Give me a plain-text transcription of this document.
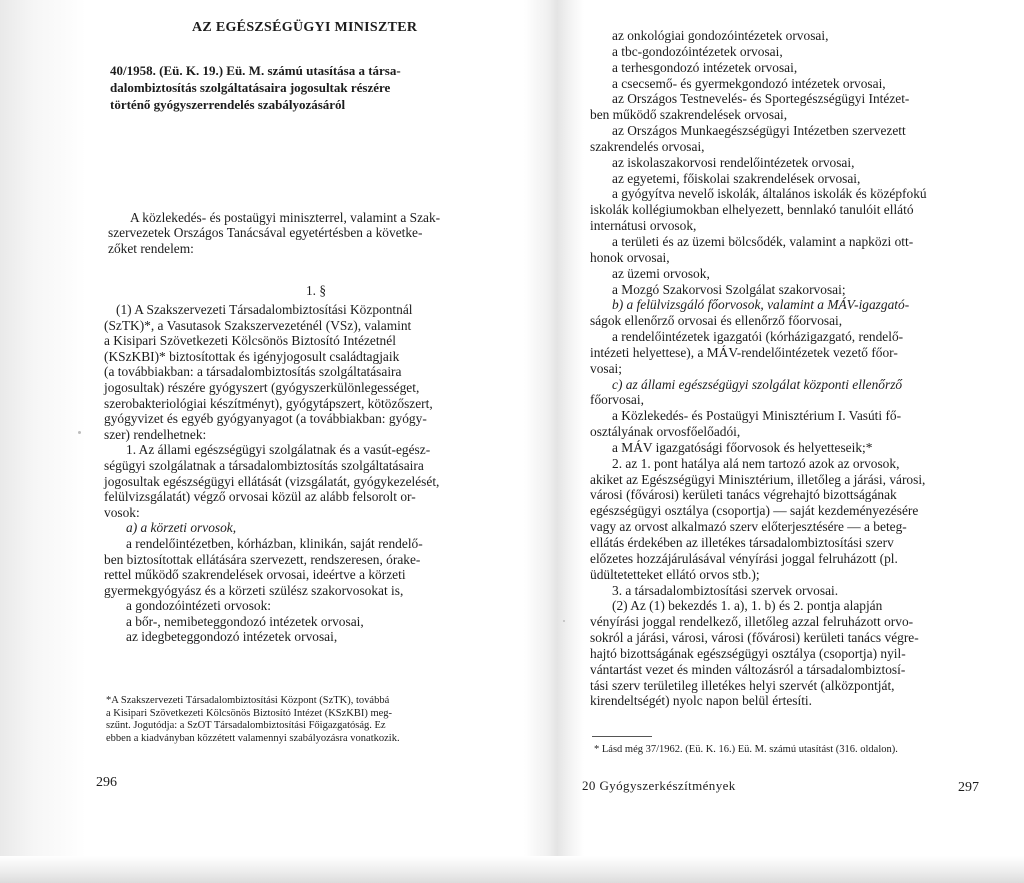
AZ EGÉSZSÉGÜGYI MINISZTER
40/1958. (Eü. K. 19.) Eü. M. számú utasítása a társa-
dalombiztosítás szolgáltatásaira jogosultak részére
történő gyógyszerrendelés szabályozásáról
A közlekedés- és postaügyi miniszterrel, valamint a Szak-
szervezetek Országos Tanácsával egyetértésben a követke-
zőket rendelem:
1. §
(1) A Szakszervezeti Társadalombiztosítási Központnál
(SzTK)*, a Vasutasok Szakszervezeténél (VSz), valamint
a Kisipari Szövetkezeti Kölcsönös Biztosító Intézetnél
(KSzKBI)* biztosítottak és igényjogosult családtagjaik
(a továbbiakban: a társadalombiztosítás szolgáltatásaira
jogosultak) részére gyógyszert (gyógyszerkülönlegességet,
szerobakteriológiai készítményt), gyógytápszert, kötözőszert,
gyógyvizet és egyéb gyógyanyagot (a továbbiakban: gyógy-
szer) rendelhetnek:
1. Az állami egészségügyi szolgálatnak és a vasút-egész-
ségügyi szolgálatnak a társadalombiztosítás szolgáltatásaira
jogosultak egészségügyi ellátását (vizsgálatát, gyógykezelését,
felülvizsgálatát) végző orvosai közül az alább felsorolt or-
vosok:
a) a körzeti orvosok,
a rendelőintézetben, kórházban, klinikán, saját rendelő-
ben biztosítottak ellátására szervezett, rendszeresen, órake-
rettel működő szakrendelések orvosai, ideértve a körzeti
gyermekgyógyász és a körzeti szülész szakorvosokat is,
a gondozóintézeti orvosok:
a bőr-, nemibeteggondozó intézetek orvosai,
az idegbeteggondozó intézetek orvosai,
*A Szakszervezeti Társadalombiztosítási Központ (SzTK), továbbá
a Kisipari Szövetkezeti Kölcsönös Biztosító Intézet (KSzKBI) meg-
szűnt. Jogutódja: a SzOT Társadalombiztosítási Főigazgatóság. Ez
ebben a kiadványban közzétett valamennyi szabályozásra vonatkozik.
296
az onkológiai gondozóintézetek orvosai,
a tbc-gondozóintézetek orvosai,
a terhesgondozó intézetek orvosai,
a csecsemő- és gyermekgondozó intézetek orvosai,
az Országos Testnevelés- és Sportegészségügyi Intézet-
ben működő szakrendelések orvosai,
az Országos Munkaegészségügyi Intézetben szervezett
szakrendelés orvosai,
az iskolaszakorvosi rendelőintézetek orvosai,
az egyetemi, főiskolai szakrendelések orvosai,
a gyógyítva nevelő iskolák, általános iskolák és középfokú
iskolák kollégiumokban elhelyezett, bennlakó tanulóit ellátó
internátusi orvosok,
a területi és az üzemi bölcsődék, valamint a napközi ott-
honok orvosai,
az üzemi orvosok,
a Mozgó Szakorvosi Szolgálat szakorvosai;
b) a felülvizsgáló főorvosok, valamint a MÁV-igazgató-
ságok ellenőrző orvosai és ellenőrző főorvosai,
a rendelőintézetek igazgatói (kórházigazgató, rendelő-
intézeti helyettese), a MÁV-rendelőintézetek vezető főor-
vosai;
c) az állami egészségügyi szolgálat központi ellenőrző
főorvosai,
a Közlekedés- és Postaügyi Minisztérium I. Vasúti fő-
osztályának orvosfőelőadói,
a MÁV igazgatósági főorvosok és helyetteseik;*
2. az 1. pont hatálya alá nem tartozó azok az orvosok,
akiket az Egészségügyi Minisztérium, illetőleg a járási, városi,
városi (fővárosi) kerületi tanács végrehajtó bizottságának
egészségügyi osztálya (csoportja) — saját kezdeményezésére
vagy az orvost alkalmazó szerv előterjesztésére — a beteg-
ellátás érdekében az illetékes társadalombiztosítási szerv
előzetes hozzájárulásával vényírási joggal felruházott (pl.
üdültetetteket ellátó orvos stb.);
3. a társadalombiztosítási szervek orvosai.
(2) Az (1) bekezdés 1. a), 1. b) és 2. pontja alapján
vényírási joggal rendelkező, illetőleg azzal felruházott orvo-
sokról a járási, városi, városi (fővárosi) kerületi tanács végre-
hajtó bizottságának egészségügyi osztálya (csoportja) nyil-
vántartást vezet és minden változásról a társadalombiztosí-
tási szerv területileg illetékes helyi szervét (alközpontját,
kirendeltségét) nyolc napon belül értesíti.
* Lásd még 37/1962. (Eü. K. 16.) Eü. M. számú utasítást (316. oldalon).
20 Gyógyszerkészítmények	297
